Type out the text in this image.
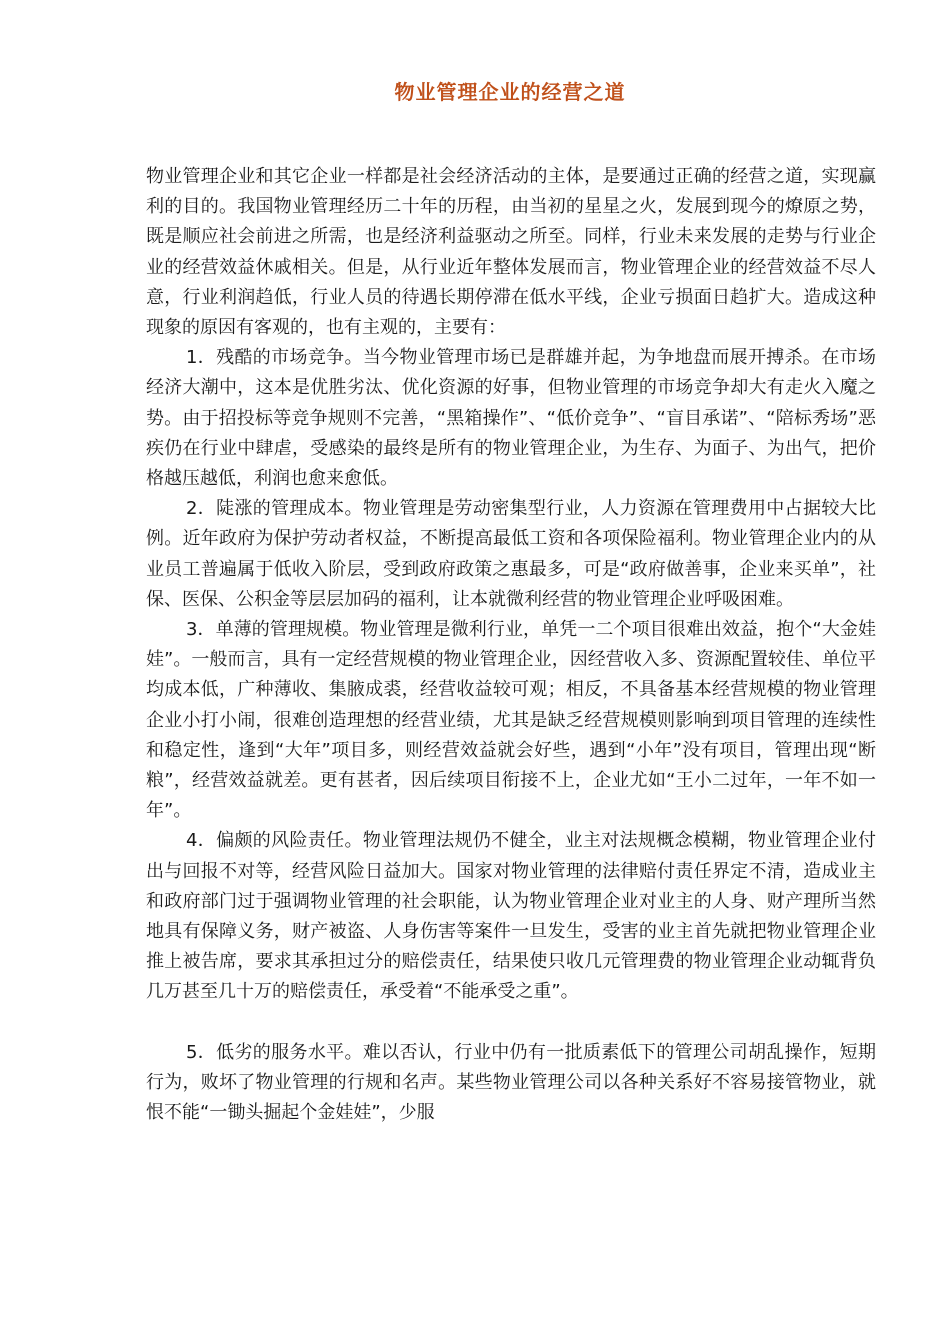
物业管理企业的经营之道

物业管理企业和其它企业一样都是社会经济活动的主体，是要通过正确的经营之道，实现赢利的目的。我国物业管理经历二十年的历程，由当初的星星之火，发展到现今的燎原之势，既是顺应社会前进之所需，也是经济利益驱动之所至。同样，行业未来发展的走势与行业企业的经营效益休戚相关。但是，从行业近年整体发展而言，物业管理企业的经营效益不尽人意，行业利润趋低，行业人员的待遇长期停滞在低水平线，企业亏损面日趋扩大。造成这种现象的原因有客观的，也有主观的，主要有：

1．残酷的市场竞争。当今物业管理市场已是群雄并起，为争地盘而展开搏杀。在市场经济大潮中，这本是优胜劣汰、优化资源的好事，但物业管理的市场竞争却大有走火入魔之势。由于招投标等竞争规则不完善，“黑箱操作”、“低价竞争”、“盲目承诺”、“陪标秀场”恶疾仍在行业中肆虐，受感染的最终是所有的物业管理企业，为生存、为面子、为出气，把价格越压越低，利润也愈来愈低。

2．陡涨的管理成本。物业管理是劳动密集型行业，人力资源在管理费用中占据较大比例。近年政府为保护劳动者权益，不断提高最低工资和各项保险福利。物业管理企业内的从业员工普遍属于低收入阶层，受到政府政策之惠最多，可是“政府做善事，企业来买单”，社保、医保、公积金等层层加码的福利，让本就微利经营的物业管理企业呼吸困难。

3．单薄的管理规模。物业管理是微利行业，单凭一二个项目很难出效益，抱个“大金娃娃”。一般而言，具有一定经营规模的物业管理企业，因经营收入多、资源配置较佳、单位平均成本低，广种薄收、集腋成裘，经营收益较可观；相反，不具备基本经营规模的物业管理企业小打小闹，很难创造理想的经营业绩，尤其是缺乏经营规模则影响到项目管理的连续性和稳定性，逢到“大年”项目多，则经营效益就会好些，遇到“小年”没有项目，管理出现“断粮”，经营效益就差。更有甚者，因后续项目衔接不上，企业尤如“王小二过年，一年不如一年”。

4．偏颇的风险责任。物业管理法规仍不健全，业主对法规概念模糊，物业管理企业付出与回报不对等，经营风险日益加大。国家对物业管理的法律赔付责任界定不清，造成业主和政府部门过于强调物业管理的社会职能，认为物业管理企业对业主的人身、财产理所当然地具有保障义务，财产被盗、人身伤害等案件一旦发生，受害的业主首先就把物业管理企业推上被告席，要求其承担过分的赔偿责任，结果使只收几元管理费的物业管理企业动辄背负几万甚至几十万的赔偿责任，承受着“不能承受之重”。

5．低劣的服务水平。难以否认，行业中仍有一批质素低下的管理公司胡乱操作，短期行为，败坏了物业管理的行规和名声。某些物业管理公司以各种关系好不容易接管物业，就恨不能“一锄头掘起个金娃娃”，少服
